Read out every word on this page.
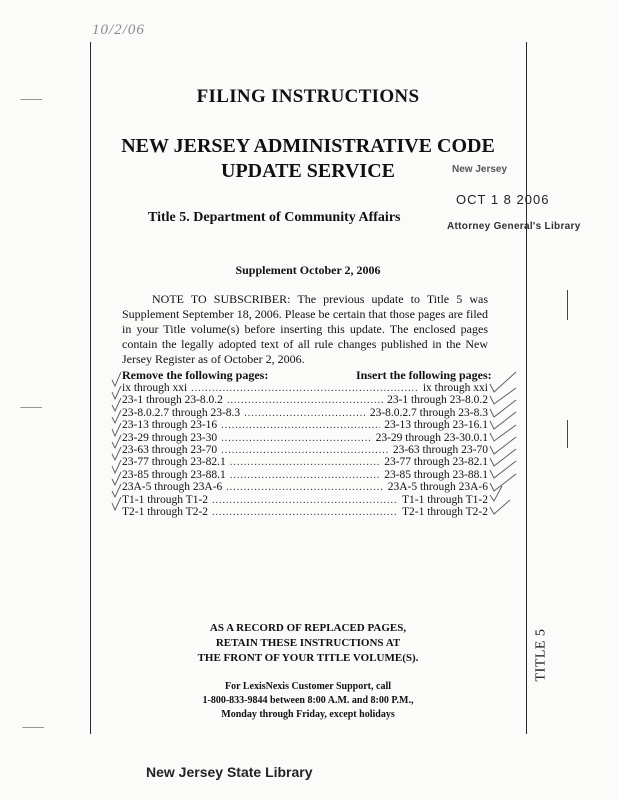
10/2/06
FILING INSTRUCTIONS
NEW JERSEY ADMINISTRATIVE CODE
UPDATE SERVICE	New Jersey
OCT 1 8 2006
Attorney General's Library
Title 5. Department of Community Affairs
Supplement October 2, 2006
NOTE TO SUBSCRIBER: The previous update to Title 5 was Supplement September 18, 2006. Please be certain that those pages are filed in your Title volume(s) before inserting this update. The enclosed pages contain the legally adopted text of all rule changes published in the New Jersey Register as of October 2, 2006.
Remove the following pages:	Insert the following pages:
ix through xxi .....	ix through xxi
23-1 through 23-8.0.2 .....	23-1 through 23-8.0.2
23-8.0.2.7 through 23-8.3 .....	23-8.0.2.7 through 23-8.3
23-13 through 23-16 .....	23-13 through 23-16.1
23-29 through 23-30 .....	23-29 through 23-30.0.1
23-63 through 23-70 .....	23-63 through 23-70
23-77 through 23-82.1 .....	23-77 through 23-82.1
23-85 through 23-88.1 .....	23-85 through 23-88.1
23A-5 through 23A-6 .....	23A-5 through 23A-6
T1-1 through T1-2 .....	T1-1 through T1-2
T2-1 through T2-2 .....	T2-1 through T2-2
AS A RECORD OF REPLACED PAGES,
RETAIN THESE INSTRUCTIONS AT
THE FRONT OF YOUR TITLE VOLUME(S).
For LexisNexis Customer Support, call
1-800-833-9844 between 8:00 A.M. and 8:00 P.M.,
Monday through Friday, except holidays
TITLE 5
⸻
⸻
⸻
New Jersey State Library
